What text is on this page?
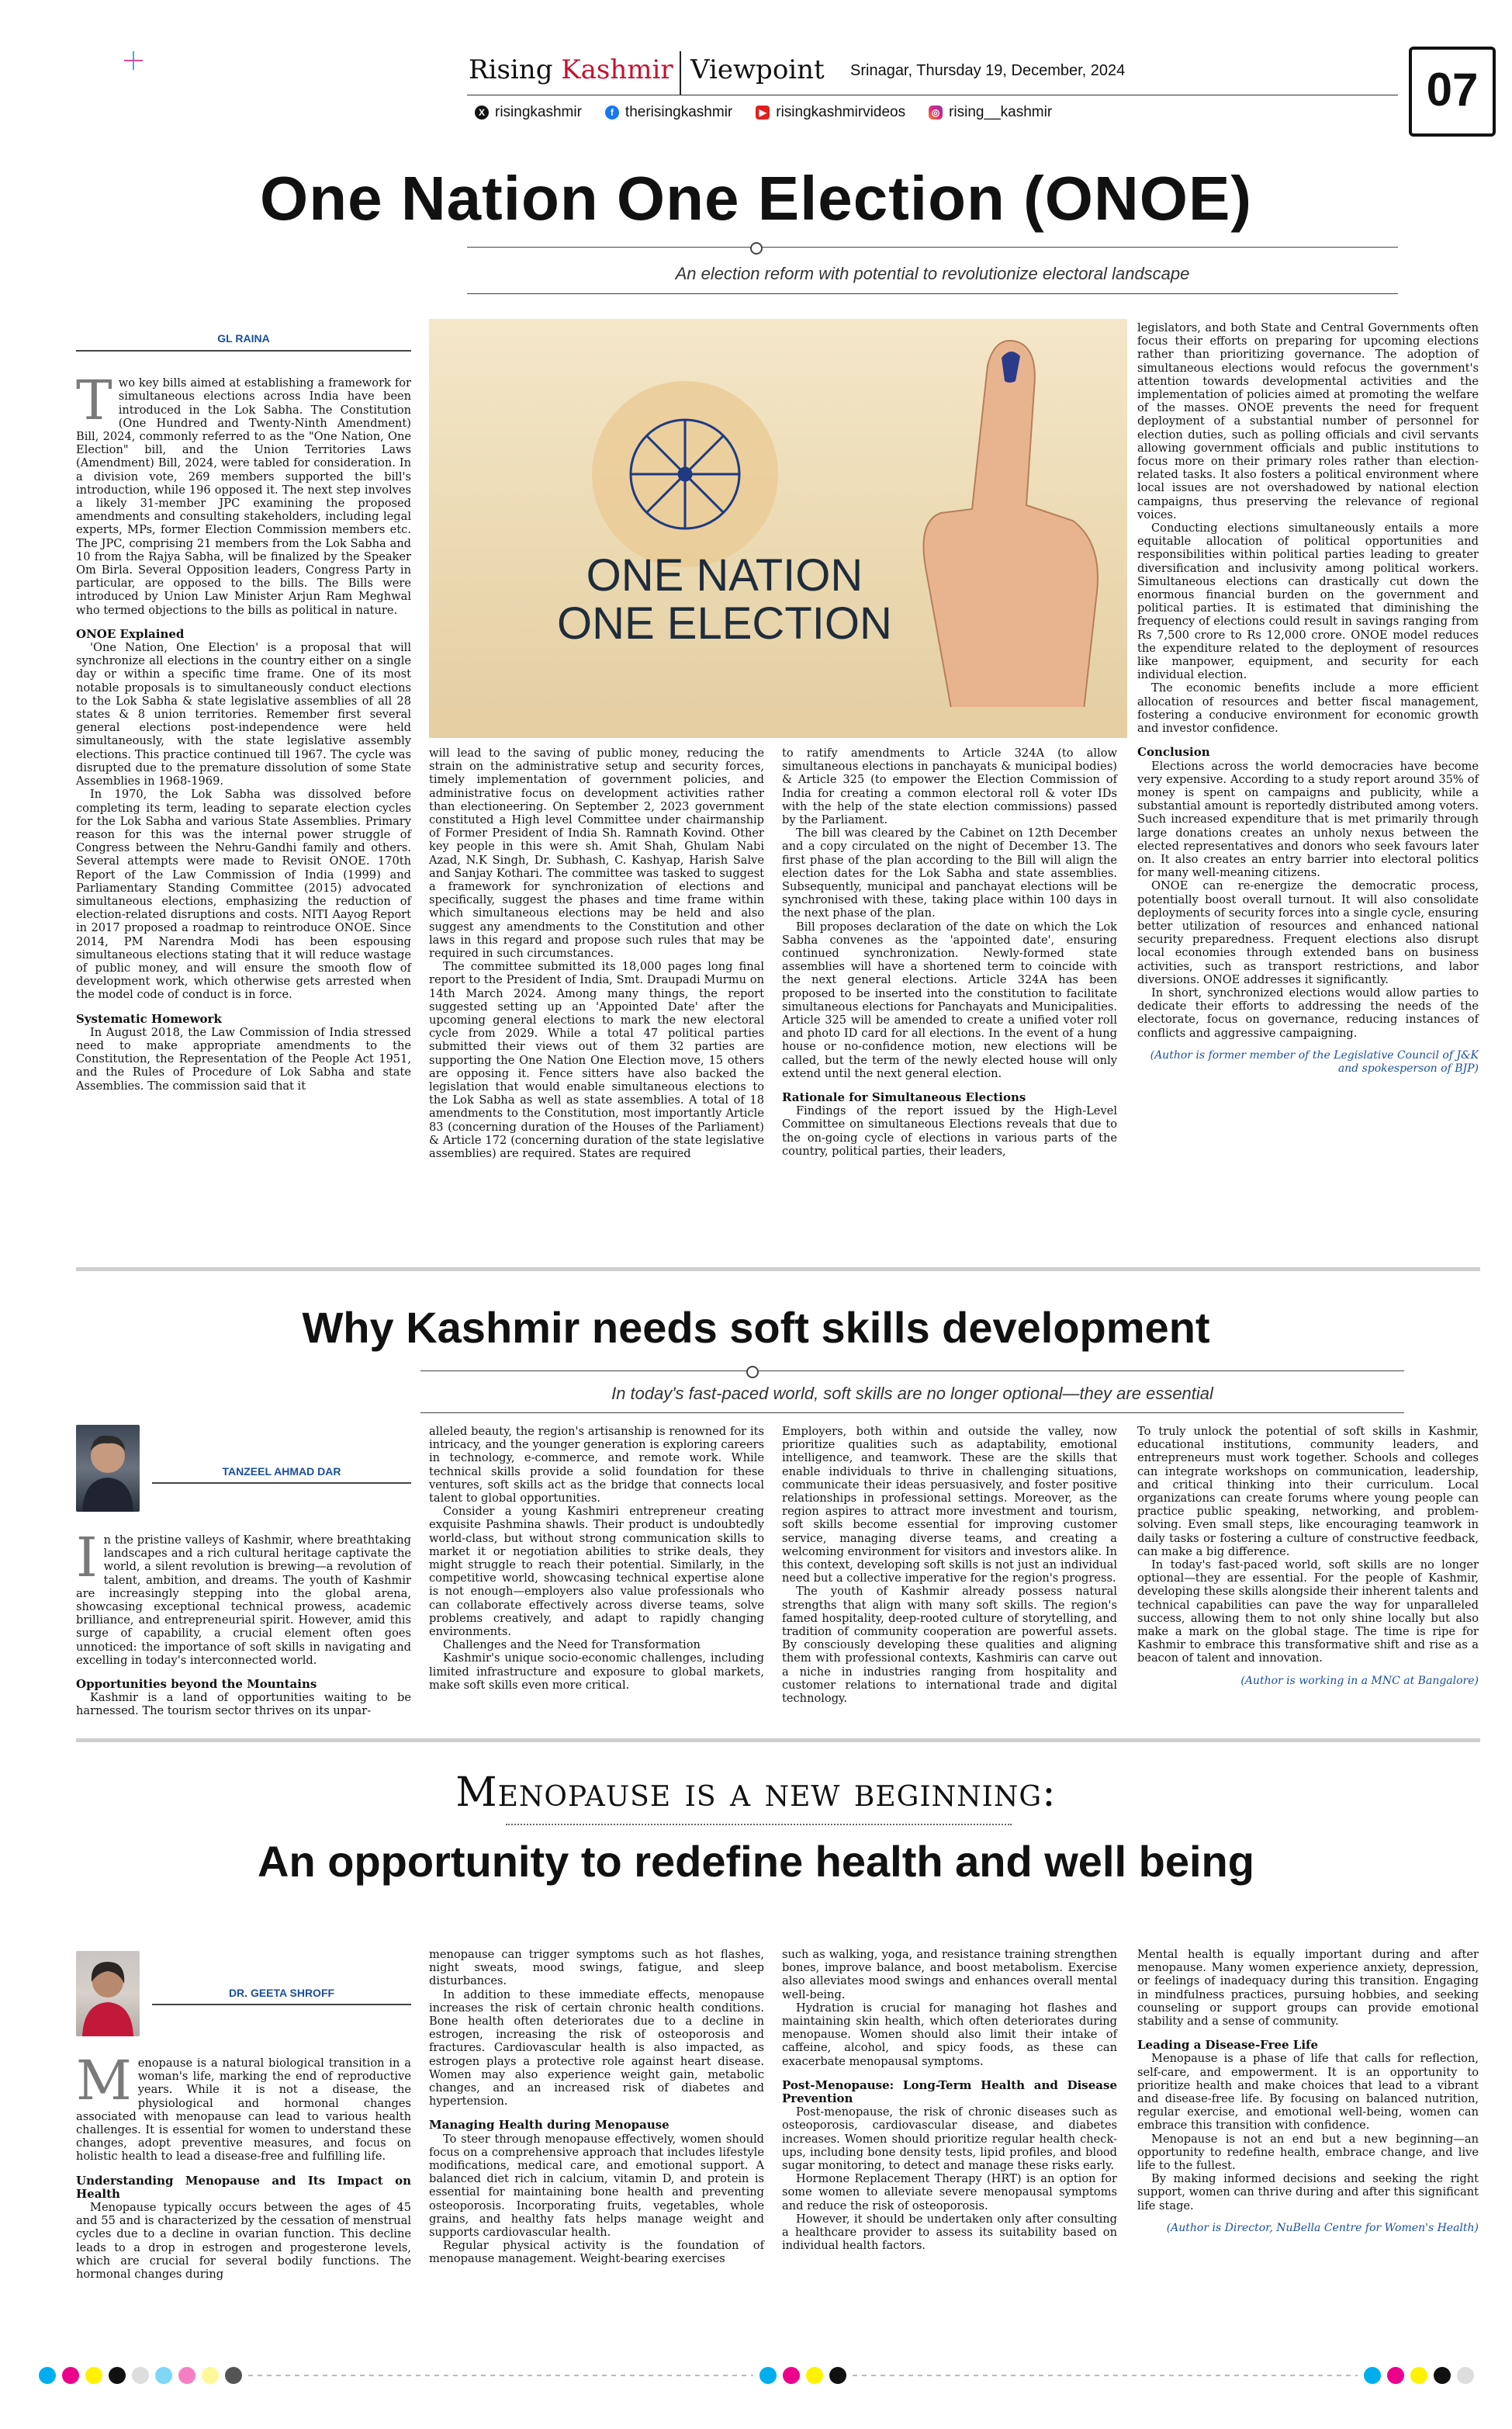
Rising Kashmir Viewpoint Srinagar, Thursday 19, December, 2024	07
X risingkashmir	f therisingkashmir	▶ risingkashmirvideos	◎ rising__kashmir
One Nation One Election (ONOE)
An election reform with potential to revolutionize electoral landscape
GL RAINA

Two key bills aimed at establishing a framework for simultaneous elections across India have been introduced in the Lok Sabha. The Constitution (One Hundred and Twenty-Ninth Amendment) Bill, 2024, commonly referred to as the "One Nation, One Election" bill, and the Union Territories Laws (Amendment) Bill, 2024, were tabled for consideration. In a division vote, 269 members supported the bill's introduction, while 196 opposed it. The next step involves a likely 31-member JPC examining the proposed amendments and consulting stakeholders, including legal experts, MPs, former Election Commission members etc. The JPC, comprising 21 members from the Lok Sabha and 10 from the Rajya Sabha, will be finalized by the Speaker Om Birla. Several Opposition leaders, Congress Party in particular, are opposed to the bills. The Bills were introduced by Union Law Minister Arjun Ram Meghwal who termed objections to the bills as political in nature.

ONOE Explained

'One Nation, One Election' is a proposal that will synchronize all elections in the country either on a single day or within a specific time frame. One of its most notable proposals is to simultaneously conduct elections to the Lok Sabha & state legislative assemblies of all 28 states & 8 union territories. Remember first several general elections post-independence were held simultaneously, with the state legislative assembly elections. This practice continued till 1967. The cycle was disrupted due to the premature dissolution of some State Assemblies in 1968-1969.

In 1970, the Lok Sabha was dissolved before completing its term, leading to separate election cycles for the Lok Sabha and various State Assemblies. Primary reason for this was the internal power struggle of Congress between the Nehru-Gandhi family and others. Several attempts were made to Revisit ONOE. 170th Report of the Law Commission of India (1999) and Parliamentary Standing Committee (2015) advocated simultaneous elections, emphasizing the reduction of election-related disruptions and costs. NITI Aayog Report in 2017 proposed a roadmap to reintroduce ONOE. Since 2014, PM Narendra Modi has been espousing simultaneous elections stating that it will reduce wastage of public money, and will ensure the smooth flow of development work, which otherwise gets arrested when the model code of conduct is in force.

Systematic Homework

In August 2018, the Law Commission of India stressed need to make appropriate amendments to the Constitution, the Representation of the People Act 1951, and the Rules of Procedure of Lok Sabha and state Assemblies. The commission said that it

ONE NATION
ONE ELECTION

will lead to the saving of public money, reducing the strain on the administrative setup and security forces, timely implementation of government policies, and administrative focus on development activities rather than electioneering. On September 2, 2023 government constituted a High level Committee under chairmanship of Former President of India Sh. Ramnath Kovind. Other key people in this were sh. Amit Shah, Ghulam Nabi Azad, N.K Singh, Dr. Subhash, C. Kashyap, Harish Salve and Sanjay Kothari. The committee was tasked to suggest a framework for synchronization of elections and specifically, suggest the phases and time frame within which simultaneous elections may be held and also suggest any amendments to the Constitution and other laws in this regard and propose such rules that may be required in such circumstances.

The committee submitted its 18,000 pages long final report to the President of India, Smt. Draupadi Murmu on 14th March 2024. Among many things, the report suggested setting up an 'Appointed Date' after the upcoming general elections to mark the new electoral cycle from 2029. While a total 47 political parties submitted their views out of them 32 parties are supporting the One Nation One Election move, 15 others are opposing it. Fence sitters have also backed the legislation that would enable simultaneous elections to the Lok Sabha as well as state assemblies. A total of 18 amendments to the Constitution, most importantly Article 83 (concerning duration of the Houses of the Parliament) & Article 172 (concerning duration of the state legislative assemblies) are required. States are required

to ratify amendments to Article 324A (to allow simultaneous elections in panchayats & municipal bodies) & Article 325 (to empower the Election Commission of India for creating a common electoral roll & voter IDs with the help of the state election commissions) passed by the Parliament.

The bill was cleared by the Cabinet on 12th December and a copy circulated on the night of December 13. The first phase of the plan according to the Bill will align the election dates for the Lok Sabha and state assemblies. Subsequently, municipal and panchayat elections will be synchronised with these, taking place within 100 days in the next phase of the plan.

Bill proposes declaration of the date on which the Lok Sabha convenes as the 'appointed date', ensuring continued synchronization. Newly-formed state assemblies will have a shortened term to coincide with the next general elections. Article 324A has been proposed to be inserted into the constitution to facilitate simultaneous elections for Panchayats and Municipalities. Article 325 will be amended to create a unified voter roll and photo ID card for all elections. In the event of a hung house or no-confidence motion, new elections will be called, but the term of the newly elected house will only extend until the next general election.

Rationale for Simultaneous Elections

Findings of the report issued by the High-Level Committee on simultaneous Elections reveals that due to the on-going cycle of elections in various parts of the country, political parties, their leaders,

legislators, and both State and Central Governments often focus their efforts on preparing for upcoming elections rather than prioritizing governance. The adoption of simultaneous elections would refocus the government's attention towards developmental activities and the implementation of policies aimed at promoting the welfare of the masses. ONOE prevents the need for frequent deployment of a substantial number of personnel for election duties, such as polling officials and civil servants allowing government officials and public institutions to focus more on their primary roles rather than election-related tasks. It also fosters a political environment where local issues are not overshadowed by national election campaigns, thus preserving the relevance of regional voices.

Conducting elections simultaneously entails a more equitable allocation of political opportunities and responsibilities within political parties leading to greater diversification and inclusivity among political workers. Simultaneous elections can drastically cut down the enormous financial burden on the government and political parties. It is estimated that diminishing the frequency of elections could result in savings ranging from Rs 7,500 crore to Rs 12,000 crore. ONOE model reduces the expenditure related to the deployment of resources like manpower, equipment, and security for each individual election.

The economic benefits include a more efficient allocation of resources and better fiscal management, fostering a conducive environment for economic growth and investor confidence.

Conclusion

Elections across the world democracies have become very expensive. According to a study report around 35% of money is spent on campaigns and publicity, while a substantial amount is reportedly distributed among voters. Such increased expenditure that is met primarily through large donations creates an unholy nexus between the elected representatives and donors who seek favours later on. It also creates an entry barrier into electoral politics for many well-meaning citizens.

ONOE can re-energize the democratic process, potentially boost overall turnout. It will also consolidate deployments of security forces into a single cycle, ensuring better utilization of resources and enhanced national security preparedness. Frequent elections also disrupt local economies through extended bans on business activities, such as transport restrictions, and labor diversions. ONOE addresses it significantly.

In short, synchronized elections would allow parties to dedicate their efforts to addressing the needs of the electorate, focus on governance, reducing instances of conflicts and aggressive campaigning.

(Author is former member of the Legislative Council of J&K and spokesperson of BJP)
Why Kashmir needs soft skills development
In today's fast-paced world, soft skills are no longer optional—they are essential
TANZEEL AHMAD DAR

In the pristine valleys of Kashmir, where breathtaking landscapes and a rich cultural heritage captivate the world, a silent revolution is brewing—a revolution of talent, ambition, and dreams. The youth of Kashmir are increasingly stepping into the global arena, showcasing exceptional technical prowess, academic brilliance, and entrepreneurial spirit. However, amid this surge of capability, a crucial element often goes unnoticed: the importance of soft skills in navigating and excelling in today's interconnected world.

Opportunities beyond the Mountains

Kashmir is a land of opportunities waiting to be harnessed. The tourism sector thrives on its unpar-

alleled beauty, the region's artisanship is renowned for its intricacy, and the younger generation is exploring careers in technology, e-commerce, and remote work. While technical skills provide a solid foundation for these ventures, soft skills act as the bridge that connects local talent to global opportunities.

Consider a young Kashmiri entrepreneur creating exquisite Pashmina shawls. Their product is undoubtedly world-class, but without strong communication skills to market it or negotiation abilities to strike deals, they might struggle to reach their potential. Similarly, in the competitive world, showcasing technical expertise alone is not enough—employers also value professionals who can collaborate effectively across diverse teams, solve problems creatively, and adapt to rapidly changing environments.

Challenges and the Need for Transformation

Kashmir's unique socio-economic challenges, including limited infrastructure and exposure to global markets, make soft skills even more critical.

Employers, both within and outside the valley, now prioritize qualities such as adaptability, emotional intelligence, and teamwork. These are the skills that enable individuals to thrive in challenging situations, communicate their ideas persuasively, and foster positive relationships in professional settings. Moreover, as the region aspires to attract more investment and tourism, soft skills become essential for improving customer service, managing diverse teams, and creating a welcoming environment for visitors and investors alike. In this context, developing soft skills is not just an individual need but a collective imperative for the region's progress.

The youth of Kashmir already possess natural strengths that align with many soft skills. The region's famed hospitality, deep-rooted culture of storytelling, and tradition of community cooperation are powerful assets. By consciously developing these qualities and aligning them with professional contexts, Kashmiris can carve out a niche in industries ranging from hospitality and customer relations to international trade and digital technology.

To truly unlock the potential of soft skills in Kashmir, educational institutions, community leaders, and entrepreneurs must work together. Schools and colleges can integrate workshops on communication, leadership, and critical thinking into their curriculum. Local organizations can create forums where young people can practice public speaking, networking, and problem-solving. Even small steps, like encouraging teamwork in daily tasks or fostering a culture of constructive feedback, can make a big difference.

In today's fast-paced world, soft skills are no longer optional—they are essential. For the people of Kashmir, developing these skills alongside their inherent talents and technical capabilities can pave the way for unparalleled success, allowing them to not only shine locally but also make a mark on the global stage. The time is ripe for Kashmir to embrace this transformative shift and rise as a beacon of talent and innovation.

(Author is working in a MNC at Bangalore)
Menopause is a new beginning:
An opportunity to redefine health and well being
DR. GEETA SHROFF

Menopause is a natural biological transition in a woman's life, marking the end of reproductive years. While it is not a disease, the physiological and hormonal changes associated with menopause can lead to various health challenges. It is essential for women to understand these changes, adopt preventive measures, and focus on holistic health to lead a disease-free and fulfilling life.

Understanding Menopause and Its Impact on Health

Menopause typically occurs between the ages of 45 and 55 and is characterized by the cessation of menstrual cycles due to a decline in ovarian function. This decline leads to a drop in estrogen and progesterone levels, which are crucial for several bodily functions. The hormonal changes during

menopause can trigger symptoms such as hot flashes, night sweats, mood swings, fatigue, and sleep disturbances.

In addition to these immediate effects, menopause increases the risk of certain chronic health conditions. Bone health often deteriorates due to a decline in estrogen, increasing the risk of osteoporosis and fractures. Cardiovascular health is also impacted, as estrogen plays a protective role against heart disease. Women may also experience weight gain, metabolic changes, and an increased risk of diabetes and hypertension.

Managing Health during Menopause

To steer through menopause effectively, women should focus on a comprehensive approach that includes lifestyle modifications, medical care, and emotional support. A balanced diet rich in calcium, vitamin D, and protein is essential for maintaining bone health and preventing osteoporosis. Incorporating fruits, vegetables, whole grains, and healthy fats helps manage weight and supports cardiovascular health.

Regular physical activity is the foundation of menopause management. Weight-bearing exercises

such as walking, yoga, and resistance training strengthen bones, improve balance, and boost metabolism. Exercise also alleviates mood swings and enhances overall mental well-being.

Hydration is crucial for managing hot flashes and maintaining skin health, which often deteriorates during menopause. Women should also limit their intake of caffeine, alcohol, and spicy foods, as these can exacerbate menopausal symptoms.

Post-Menopause: Long-Term Health and Disease Prevention

Post-menopause, the risk of chronic diseases such as osteoporosis, cardiovascular disease, and diabetes increases. Women should prioritize regular health check-ups, including bone density tests, lipid profiles, and blood sugar monitoring, to detect and manage these risks early.

Hormone Replacement Therapy (HRT) is an option for some women to alleviate severe menopausal symptoms and reduce the risk of osteoporosis.

However, it should be undertaken only after consulting a healthcare provider to assess its suitability based on individual health factors.

Mental health is equally important during and after menopause. Many women experience anxiety, depression, or feelings of inadequacy during this transition. Engaging in mindfulness practices, pursuing hobbies, and seeking counseling or support groups can provide emotional stability and a sense of community.

Leading a Disease-Free Life

Menopause is a phase of life that calls for reflection, self-care, and empowerment. It is an opportunity to prioritize health and make choices that lead to a vibrant and disease-free life. By focusing on balanced nutrition, regular exercise, and emotional well-being, women can embrace this transition with confidence.

Menopause is not an end but a new beginning—an opportunity to redefine health, embrace change, and live life to the fullest.

By making informed decisions and seeking the right support, women can thrive during and after this significant life stage.

(Author is Director, NuBella Centre for Women's Health)
